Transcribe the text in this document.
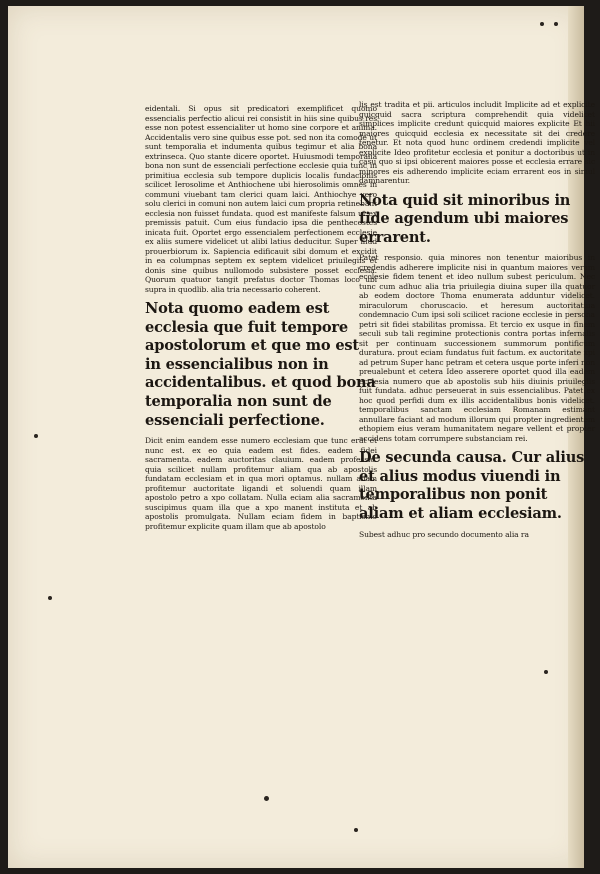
eidentali. Si opus sit predicatori exemplificet quomo essencialis perfectio alicui rei consistit in hiis sine quibus res esse non potest essencialiter ut homo sine corpore et anima. Accidentalis vero sine quibus esse pot. sed non ita comode ut sunt temporalia et indumenta quibus tegimur et alia bona extrinseca. Quo stante dicere oportet. Huiusmodi temporalia bona non sunt de essenciali perfectione ecclesie quia tunc in primitiua ecclesia sub tempore duplicis localis fundacionis scilicet Ierosolime et Anthiochene ubi hierosolimis omnes in communi viuebant tam clerici quam laici. Anthiochye vero solu clerici in comuni non autem laici cum propria retinebant ecclesia non fuisset fundata. quod est manifeste falsum ut ex premissis patuit. Cum eius fundacio ipsa die penthecostes inicata fuit. Oportet ergo essencialem perfectionem ecclesie ex aliis sumere videlicet ut alibi latius deducitur. Super illud prouerbiorum ix. Sapiencia edificauit sibi domum et excidit in ea columpnas septem ex septem videlicet priuilegiis et donis sine quibus nullomodo subsistere posset ecclesia. Quorum quatuor tangit prefatus doctor Thomas loco ubi supra in quodlib. alia tria necessario coherent.

Nota quomo eadem est ecclesia que fuit tempore apostolorum et que mo est in essencialibus non in accidentalibus. et quod bona temporalia non sunt de essenciali perfectione.

Dicit enim eandem esse numero ecclesiam que tunc erat et nunc est. ex eo quia eadem est fides. eadem fidei sacramenta. eadem auctoritas clauium. eadem professio. quia scilicet nullam profitemur aliam qua ab apostolis fundatam ecclesiam et in qua mori optamus. nullam aliam profitemur auctoritate ligandi et soluendi quam illam apostolo petro a xpo collatam. Nulla eciam alia sacramenta suscipimus quam illa que a xpo manent instituta et ab apostolis promulgata. Nullam eciam fidem in baptismo profitemur explicite quam illam que ab apostolo

lis est tradita et pii. articulos includit Implicite ad et explicite quicquid sacra scriptura comprehendit quia videlicet simplices implicite credunt quicquid maiores explicite Et hii maiores quicquid ecclesia ex necessitate sit dei credere tenetur. Et nota quod hunc ordinem credendi implicite vel explicite Ideo profitetur ecclesia et ponitur a doctoribus ut in casu quo si ipsi obicerent maiores posse et ecclesia errare sic minores eis adherendo implicite eciam errarent eos in simul damnarentur.

Nota quid sit minoribus in fide agendum ubi maiores errarent.

Patet responsio. quia minores non tenentur maioribus in credendis adherere implicite nisi in quantum maiores veram ecclesie fidem tenent et ideo nullum subest periculum. Nec tunc cum adhuc alia tria priuilegia diuina super illa quatuor ab eodem doctore Thoma enumerata adduntur videlicet. miraculorum choruscacio. et heresum auctoritatiua condemnacio Cum ipsi soli scilicet racione ecclesie in persona petri sit fidei stabilitas promissa. Et tercio ex usque in finem seculi sub tali regimine protectionis contra portas infernalis sit per continuam successionem summorum pontificum duratura. prout eciam fundatus fuit factum. ex auctoritate xpi ad petrum Super hanc petram et cetera usque porte inferi non preualebunt et cetera Ideo asserere oportet quod illa eadem ecclesia numero que ab apostolis sub hiis diuinis priuilegiis fuit fundata. adhuc perseuerat in suis essencialibus. Patet ex hoc quod perfidi dum ex illis accidentalibus bonis videlicet. temporalibus sanctam ecclesiam Romanam estimant annullare faciant ad modum illorum qui propter ingredientem ethopiem eius veram humanitatem negare vellent et propter accidens totam corrumpere substanciam rei.

De secunda causa. Cur alius et alius modus viuendi in temporalibus non ponit aliam et aliam ecclesiam.

Subest adhuc pro secundo documento alia ra
